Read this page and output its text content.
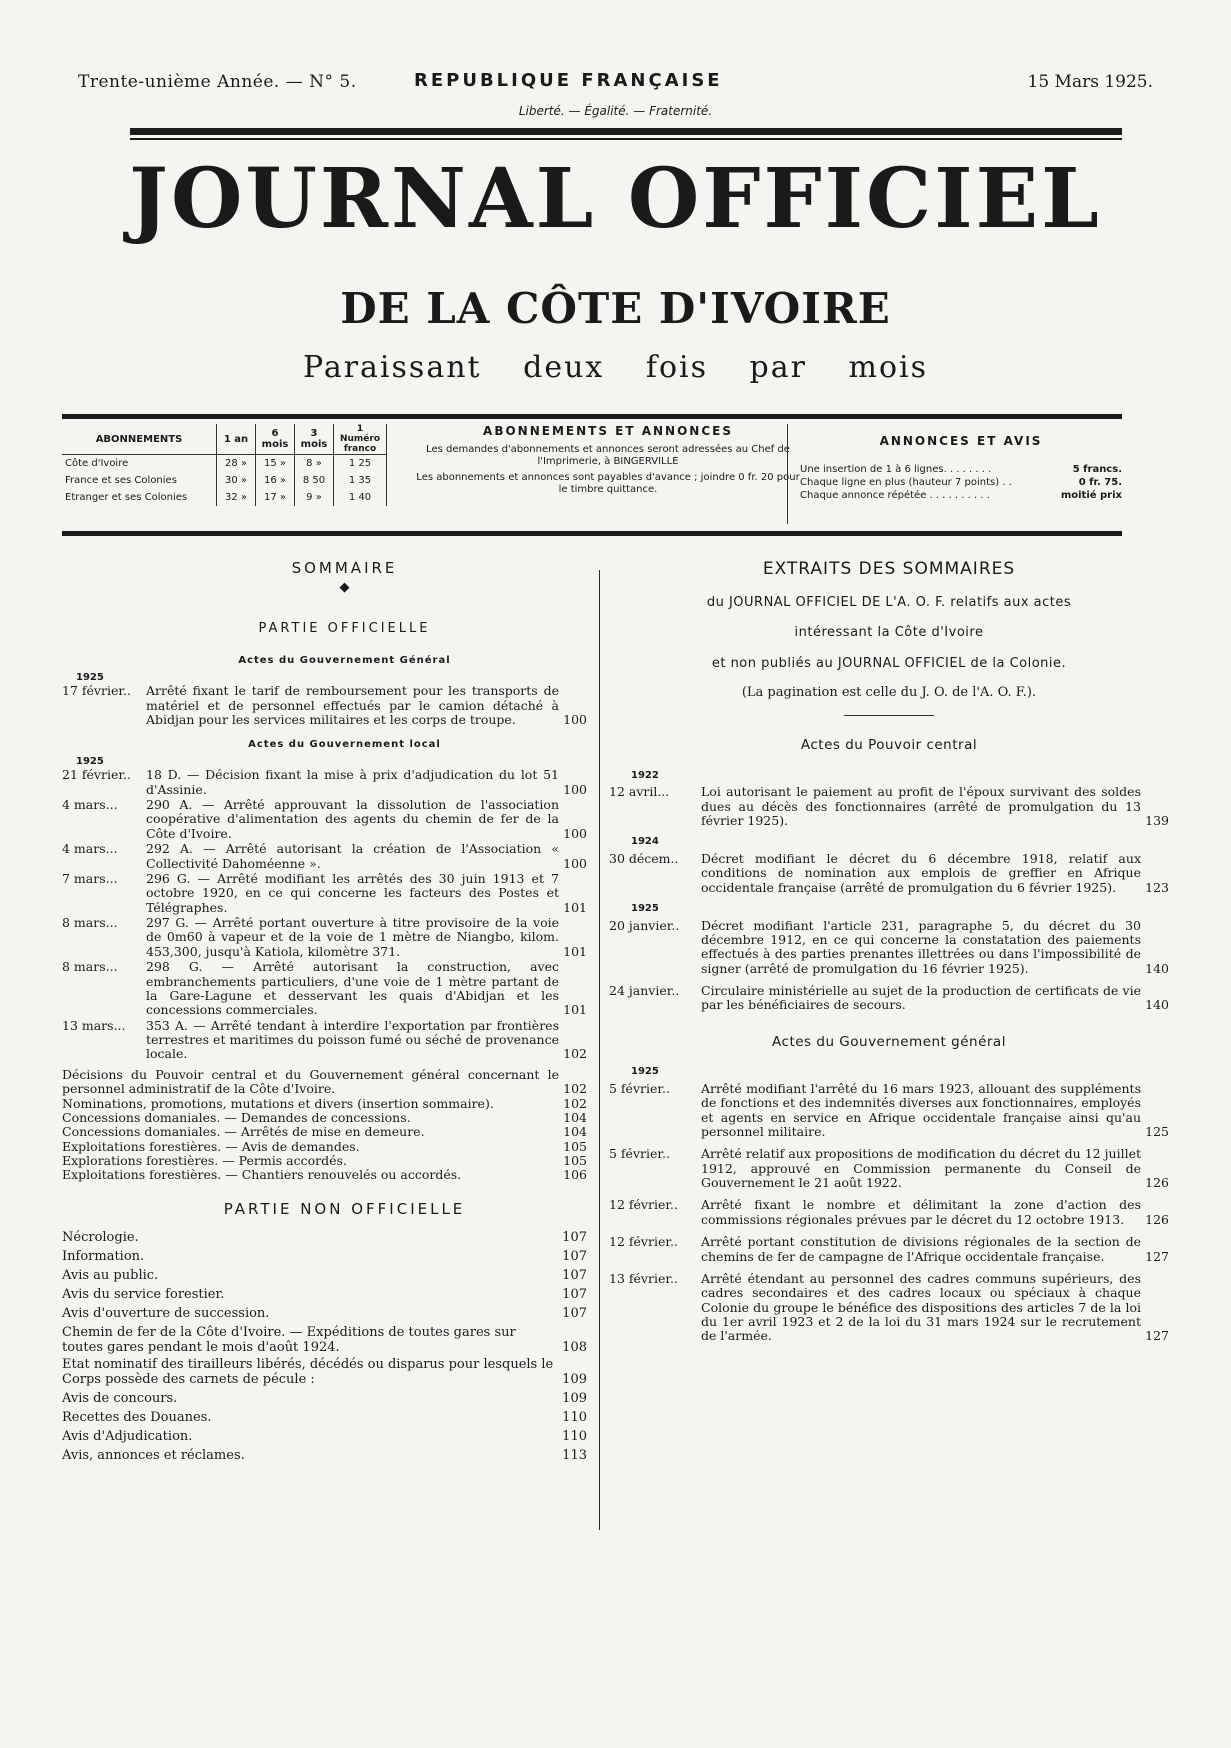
Trente-unième Année. — N° 5.	REPUBLIQUE FRANÇAISE	15 Mars 1925.
Liberté. — Égalité. — Fraternité.
JOURNAL OFFICIEL
DE LA CÔTE D'IVOIRE
Paraissant deux fois par mois
ABONNEMENTS	1 an	6 mois	3 mois	1 Numéro franco
Côte d'Ivoire	28 »	15 »	8 »	1 25
France et ses Colonies	30 »	16 »	8 50	1 35
Etranger et ses Colonies	32 »	17 »	9 »	1 40
ABONNEMENTS ET ANNONCES

Les demandes d'abonnements et annonces seront adressées au Chef de l'Imprimerie, à BINGERVILLE

Les abonnements et annonces sont payables d'avance ; joindre 0 fr. 20 pour le timbre quittance.

ANNONCES ET AVIS
Une insertion de 1 à 6 lignes. . . . . . . .	5 francs.
Chaque ligne en plus (hauteur 7 points) . .	0 fr. 75.
Chaque annonce répétée . . . . . . . . . .	moitié prix
SOMMAIRE
◆
PARTIE OFFICIELLE
Actes du Gouvernement Général
1925
17 février..	Arrêté fixant le tarif de remboursement pour les transports de matériel et de personnel effectués par le camion détaché à Abidjan pour les services militaires et les corps de troupe.	100
Actes du Gouvernement local
1925
21 février..	18 D. — Décision fixant la mise à prix d'adjudication du lot 51 d'Assinie.	100
4 mars...	290 A. — Arrêté approuvant la dissolution de l'association coopérative d'alimentation des agents du chemin de fer de la Côte d'Ivoire.	100
4 mars...	292 A. — Arrêté autorisant la création de l'Association « Collectivité Dahoméenne ».	100
7 mars...	296 G. — Arrêté modifiant les arrêtés des 30 juin 1913 et 7 octobre 1920, en ce qui concerne les facteurs des Postes et Télégraphes.	101
8 mars...	297 G. — Arrêté portant ouverture à titre provisoire de la voie de 0m60 à vapeur et de la voie de 1 mètre de Niangbo, kilom. 453,300, jusqu'à Katiola, kilomètre 371.	101
8 mars...	298 G. — Arrêté autorisant la construction, avec embranchements particuliers, d'une voie de 1 mètre partant de la Gare-Lagune et desservant les quais d'Abidjan et les concessions commerciales.	101
13 mars...	353 A. — Arrêté tendant à interdire l'exportation par frontières terrestres et maritimes du poisson fumé ou séché de provenance locale.	102
Décisions du Pouvoir central et du Gouvernement général concernant le personnel administratif de la Côte d'Ivoire.	102
Nominations, promotions, mutations et divers (insertion sommaire).	102
Concessions domaniales. — Demandes de concessions.	104
Concessions domaniales. — Arrêtés de mise en demeure.	104
Exploitations forestières. — Avis de demandes.	105
Explorations forestières. — Permis accordés.	105
Exploitations forestières. — Chantiers renouvelés ou accordés.	106
PARTIE NON OFFICIELLE
Nécrologie.	107
Information.	107
Avis au public.	107
Avis du service forestier.	107
Avis d'ouverture de succession.	107
Chemin de fer de la Côte d'Ivoire. — Expéditions de toutes gares sur toutes gares pendant le mois d'août 1924.	108
Etat nominatif des tirailleurs libérés, décédés ou disparus pour lesquels le Corps possède des carnets de pécule :	109
Avis de concours.	109
Recettes des Douanes.	110
Avis d'Adjudication.	110
Avis, annonces et réclames.	113
EXTRAITS DES SOMMAIRES
du JOURNAL OFFICIEL DE L'A. O. F. relatifs aux actes
intéressant la Côte d'Ivoire
et non publiés au JOURNAL OFFICIEL de la Colonie.
(La pagination est celle du J. O. de l'A. O. F.).
Actes du Pouvoir central
1922
12 avril...	Loi autorisant le paiement au profit de l'époux survivant des soldes dues au décès des fonctionnaires (arrêté de promulgation du 13 février 1925).	139
1924
30 décem..	Décret modifiant le décret du 6 décembre 1918, relatif aux conditions de nomination aux emplois de greffier en Afrique occidentale française (arrêté de promulgation du 6 février 1925).	123
1925
20 janvier..	Décret modifiant l'article 231, paragraphe 5, du décret du 30 décembre 1912, en ce qui concerne la constatation des paiements effectués à des parties prenantes illettrées ou dans l'impossibilité de signer (arrêté de promulgation du 16 février 1925).	140
24 janvier..	Circulaire ministérielle au sujet de la production de certificats de vie par les bénéficiaires de secours.	140
Actes du Gouvernement général
1925
5 février..	Arrêté modifiant l'arrêté du 16 mars 1923, allouant des suppléments de fonctions et des indemnités diverses aux fonctionnaires, employés et agents en service en Afrique occidentale française ainsi qu'au personnel militaire.	125
5 février..	Arrêté relatif aux propositions de modification du décret du 12 juillet 1912, approuvé en Commission permanente du Conseil de Gouvernement le 21 août 1922.	126
12 février..	Arrêté fixant le nombre et délimitant la zone d'action des commissions régionales prévues par le décret du 12 octobre 1913.	126
12 février..	Arrêté portant constitution de divisions régionales de la section de chemins de fer de campagne de l'Afrique occidentale française.	127
13 février..	Arrêté étendant au personnel des cadres communs supérieurs, des cadres secondaires et des cadres locaux ou spéciaux à chaque Colonie du groupe le bénéfice des dispositions des articles 7 de la loi du 1er avril 1923 et 2 de la loi du 31 mars 1924 sur le recrutement de l'armée.	127
